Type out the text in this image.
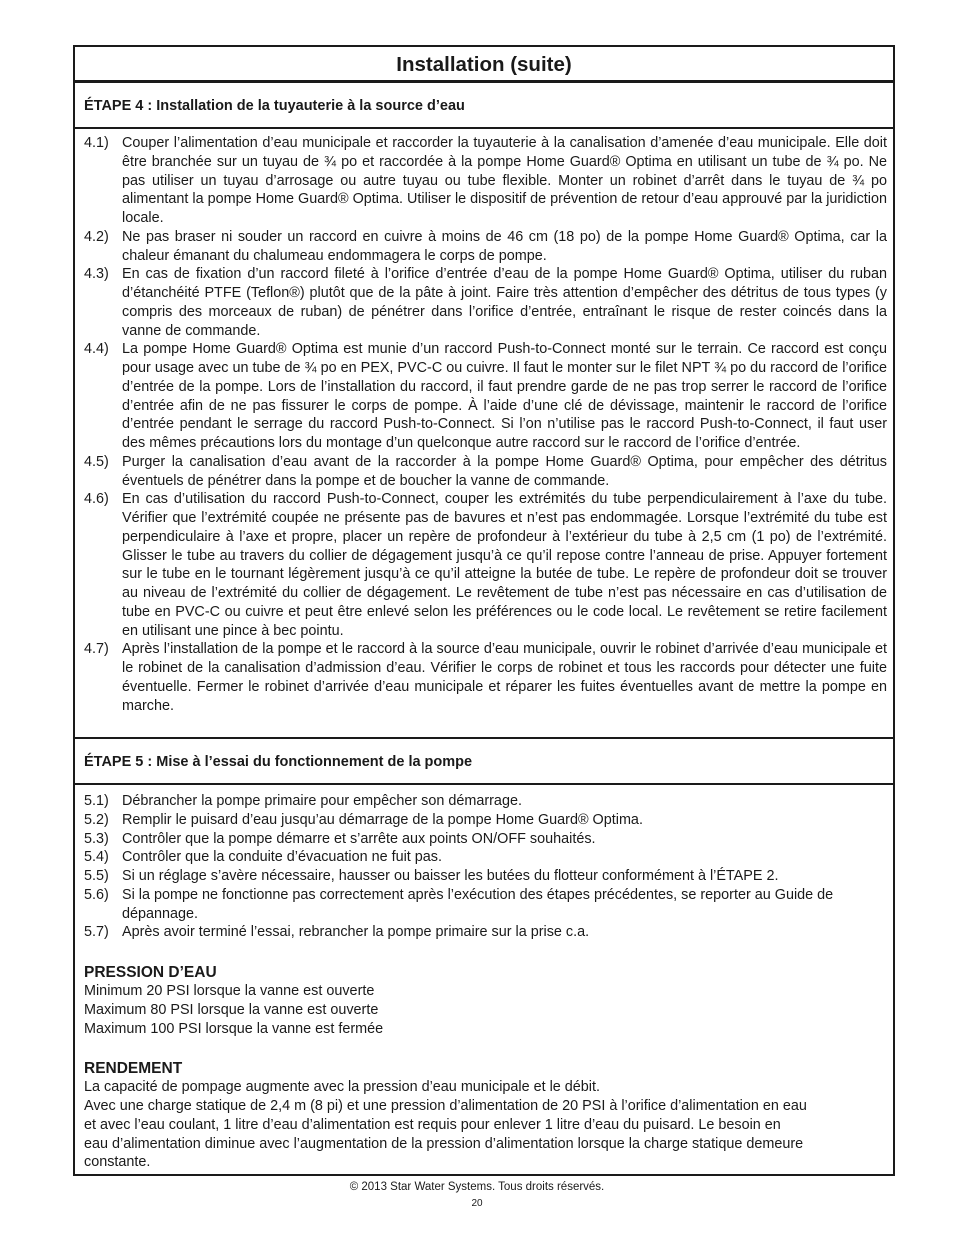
Installation (suite)
ÉTAPE 4 : Installation de la tuyauterie à la source d’eau
4.1) Couper l’alimentation d’eau municipale et raccorder la tuyauterie à la canalisation d’amenée d’eau municipale. Elle doit être branchée sur un tuyau de ¾ po et raccordée à la pompe Home Guard® Optima en utilisant un tube de ¾ po. Ne pas utiliser un tuyau d’arrosage ou autre tuyau ou tube flexible. Monter un robinet d’arrêt dans le tuyau de ¾ po alimentant la pompe Home Guard® Optima. Utiliser le dispositif de prévention de retour d’eau approuvé par la juridiction locale.
4.2) Ne pas braser ni souder un raccord en cuivre à moins de 46 cm (18 po) de la pompe Home Guard® Optima, car la chaleur émanant du chalumeau endommagera le corps de pompe.
4.3) En cas de fixation d’un raccord fileté à l’orifice d’entrée d’eau de la pompe Home Guard® Optima, utiliser du ruban d’étanchéité PTFE (Teflon®) plutôt que de la pâte à joint. Faire très attention d’empêcher des détritus de tous types (y compris des morceaux de ruban) de pénétrer dans l’orifice d’entrée, entraînant le risque de rester coincés dans la vanne de commande.
4.4) La pompe Home Guard® Optima est munie d’un raccord Push-to-Connect monté sur le terrain. Ce raccord est conçu pour usage avec un tube de ¾ po en PEX, PVC-C ou cuivre. Il faut le monter sur le filet NPT ¾ po du raccord de l’orifice d’entrée de la pompe. Lors de l’installation du raccord, il faut prendre garde de ne pas trop serrer le raccord de l’orifice d’entrée afin de ne pas fissurer le corps de pompe. À l’aide d’une clé de dévissage, maintenir le raccord de l’orifice d’entrée pendant le serrage du raccord Push-to-Connect. Si l’on n’utilise pas le raccord Push-to-Connect, il faut user des mêmes précautions lors du montage d’un quelconque autre raccord sur le raccord de l’orifice d’entrée.
4.5) Purger la canalisation d’eau avant de la raccorder à la pompe Home Guard® Optima, pour empêcher des détritus éventuels de pénétrer dans la pompe et de boucher la vanne de commande.
4.6) En cas d’utilisation du raccord Push-to-Connect, couper les extrémités du tube perpendiculairement à l’axe du tube. Vérifier que l’extrémité coupée ne présente pas de bavures et n’est pas endommagée. Lorsque l’extrémité du tube est perpendiculaire à l’axe et propre, placer un repère de profondeur à l’extérieur du tube à 2,5 cm (1 po) de l’extrémité. Glisser le tube au travers du collier de dégagement jusqu’à ce qu’il repose contre l’anneau de prise. Appuyer fortement sur le tube en le tournant légèrement jusqu’à ce qu’il atteigne la butée de tube. Le repère de profondeur doit se trouver au niveau de l’extrémité du collier de dégagement. Le revêtement de tube n’est pas nécessaire en cas d’utilisation de tube en PVC-C ou cuivre et peut être enlevé selon les préférences ou le code local. Le revêtement se retire facilement en utilisant une pince à bec pointu.
4.7) Après l’installation de la pompe et le raccord à la source d’eau municipale, ouvrir le robinet d’arrivée d’eau municipale et le robinet de la canalisation d’admission d’eau. Vérifier le corps de robinet et tous les raccords pour détecter une fuite éventuelle. Fermer le robinet d’arrivée d’eau municipale et réparer les fuites éventuelles avant de mettre la pompe en marche.
ÉTAPE 5 : Mise à l’essai du fonctionnement de la pompe
5.1) Débrancher la pompe primaire pour empêcher son démarrage.
5.2) Remplir le puisard d’eau jusqu’au démarrage de la pompe Home Guard® Optima.
5.3) Contrôler que la pompe démarre et s’arrête aux points ON/OFF souhaités.
5.4) Contrôler que la conduite d’évacuation ne fuit pas.
5.5) Si un réglage s’avère nécessaire, hausser ou baisser les butées du flotteur conformément à l’ÉTAPE 2.
5.6) Si la pompe ne fonctionne pas correctement après l’exécution des étapes précédentes, se reporter au Guide de dépannage.
5.7) Après avoir terminé l’essai, rebrancher la pompe primaire sur la prise c.a.
PRESSION D’EAU
Minimum 20 PSI lorsque la vanne est ouverte
Maximum 80 PSI lorsque la vanne est ouverte
Maximum 100 PSI lorsque la vanne est fermée
RENDEMENT
La capacité de pompage augmente avec la pression d’eau municipale et le débit.
Avec une charge statique de 2,4 m (8 pi) et une pression d’alimentation de 20 PSI à l’orifice d’alimentation en eau
et avec l’eau coulant, 1 litre d’eau d’alimentation est requis pour enlever 1 litre d’eau du puisard. Le besoin en
eau d’alimentation diminue avec l’augmentation de la pression d’alimentation lorsque la charge statique demeure
constante.
© 2013 Star Water Systems. Tous droits réservés.
20
